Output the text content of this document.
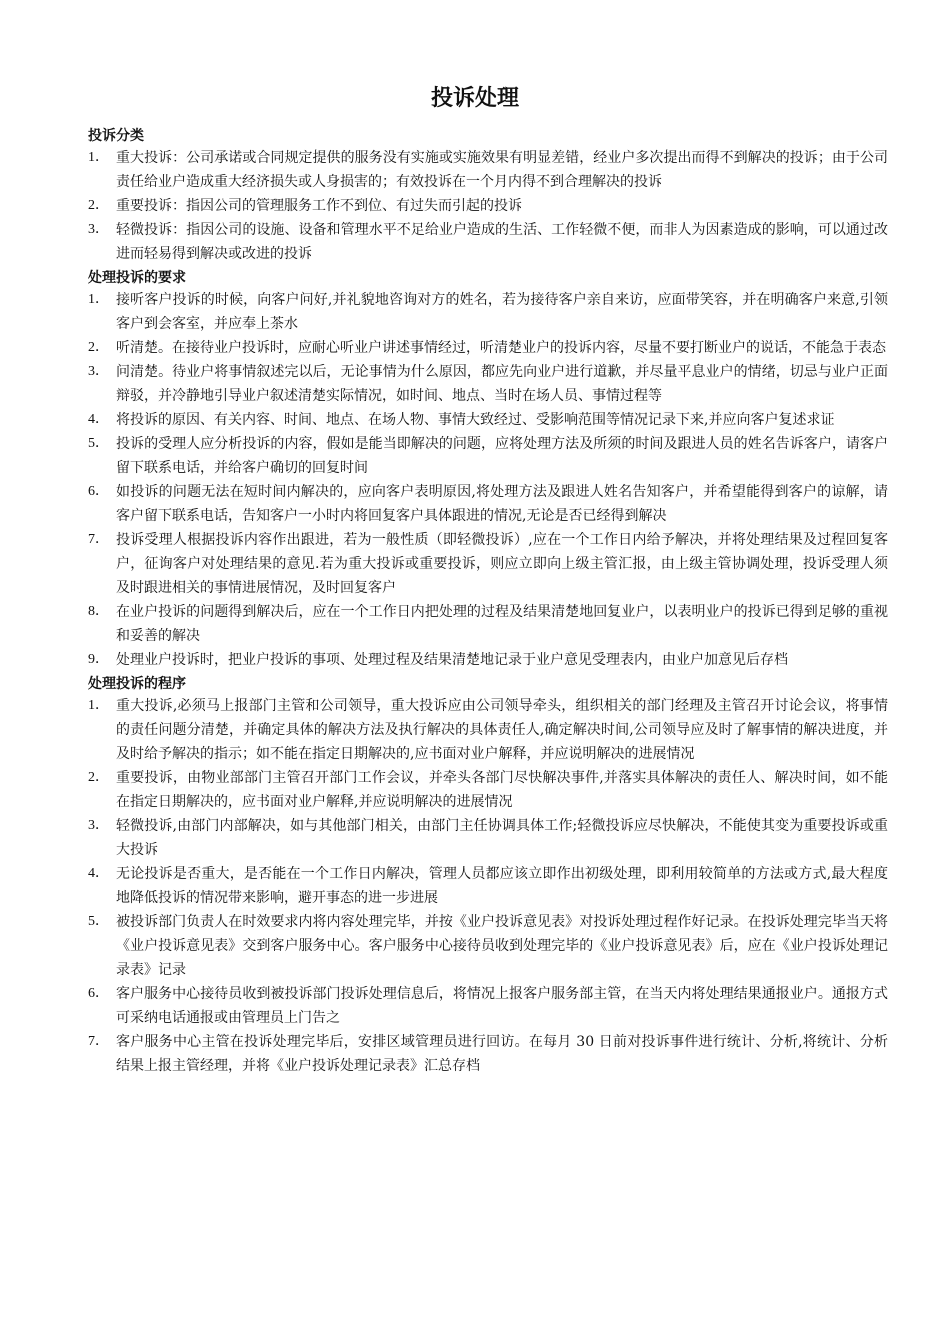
投诉处理
投诉分类
1． 重大投诉：公司承诺或合同规定提供的服务没有实施或实施效果有明显差错，经业户多次提出而得不到解决的投诉；由于公司责任给业户造成重大经济损失或人身损害的；有效投诉在一个月内得不到合理解决的投诉
2． 重要投诉：指因公司的管理服务工作不到位、有过失而引起的投诉
3． 轻微投诉：指因公司的设施、设备和管理水平不足给业户造成的生活、工作轻微不便，而非人为因素造成的影响，可以通过改进而轻易得到解决或改进的投诉
处理投诉的要求
1． 接听客户投诉的时候，向客户问好,并礼貌地咨询对方的姓名，若为接待客户亲自来访，应面带笑容，并在明确客户来意,引领客户到会客室，并应奉上茶水
2． 听清楚。在接待业户投诉时，应耐心听业户讲述事情经过，听清楚业户的投诉内容，尽量不要打断业户的说话，不能急于表态
3． 问清楚。待业户将事情叙述完以后，无论事情为什么原因，都应先向业户进行道歉，并尽量平息业户的情绪，切忌与业户正面辩驳，并冷静地引导业户叙述清楚实际情况，如时间、地点、当时在场人员、事情过程等
4． 将投诉的原因、有关内容、时间、地点、在场人物、事情大致经过、受影响范围等情况记录下来,并应向客户复述求证
5． 投诉的受理人应分析投诉的内容，假如是能当即解决的问题，应将处理方法及所须的时间及跟进人员的姓名告诉客户，请客户留下联系电话，并给客户确切的回复时间
6． 如投诉的问题无法在短时间内解决的，应向客户表明原因,将处理方法及跟进人姓名告知客户，并希望能得到客户的谅解，请客户留下联系电话，告知客户一小时内将回复客户具体跟进的情况,无论是否已经得到解决
7． 投诉受理人根据投诉内容作出跟进，若为一般性质（即轻微投诉）,应在一个工作日内给予解决，并将处理结果及过程回复客户，征询客户对处理结果的意见.若为重大投诉或重要投诉，则应立即向上级主管汇报，由上级主管协调处理，投诉受理人须及时跟进相关的事情进展情况，及时回复客户
8． 在业户投诉的问题得到解决后，应在一个工作日内把处理的过程及结果清楚地回复业户，以表明业户的投诉已得到足够的重视和妥善的解决
9． 处理业户投诉时，把业户投诉的事项、处理过程及结果清楚地记录于业户意见受理表内，由业户加意见后存档
处理投诉的程序
1． 重大投诉,必须马上报部门主管和公司领导，重大投诉应由公司领导牵头，组织相关的部门经理及主管召开讨论会议，将事情的责任问题分清楚，并确定具体的解决方法及执行解决的具体责任人,确定解决时间,公司领导应及时了解事情的解决进度，并及时给予解决的指示；如不能在指定日期解决的,应书面对业户解释，并应说明解决的进展情况
2． 重要投诉，由物业部部门主管召开部门工作会议，并牵头各部门尽快解决事件,并落实具体解决的责任人、解决时间，如不能在指定日期解决的，应书面对业户解释,并应说明解决的进展情况
3． 轻微投诉,由部门内部解决，如与其他部门相关，由部门主任协调具体工作;轻微投诉应尽快解决，不能使其变为重要投诉或重大投诉
4． 无论投诉是否重大，是否能在一个工作日内解决，管理人员都应该立即作出初级处理，即利用较简单的方法或方式,最大程度地降低投诉的情况带来影响，避开事态的进一步进展
5． 被投诉部门负责人在时效要求内将内容处理完毕，并按《业户投诉意见表》对投诉处理过程作好记录。在投诉处理完毕当天将《业户投诉意见表》交到客户服务中心。客户服务中心接待员收到处理完毕的《业户投诉意见表》后，应在《业户投诉处理记录表》记录
6． 客户服务中心接待员收到被投诉部门投诉处理信息后，将情况上报客户服务部主管，在当天内将处理结果通报业户。通报方式可采纳电话通报或由管理员上门告之
7． 客户服务中心主管在投诉处理完毕后，安排区域管理员进行回访。在每月 30 日前对投诉事件进行统计、分析,将统计、分析结果上报主管经理，并将《业户投诉处理记录表》汇总存档
